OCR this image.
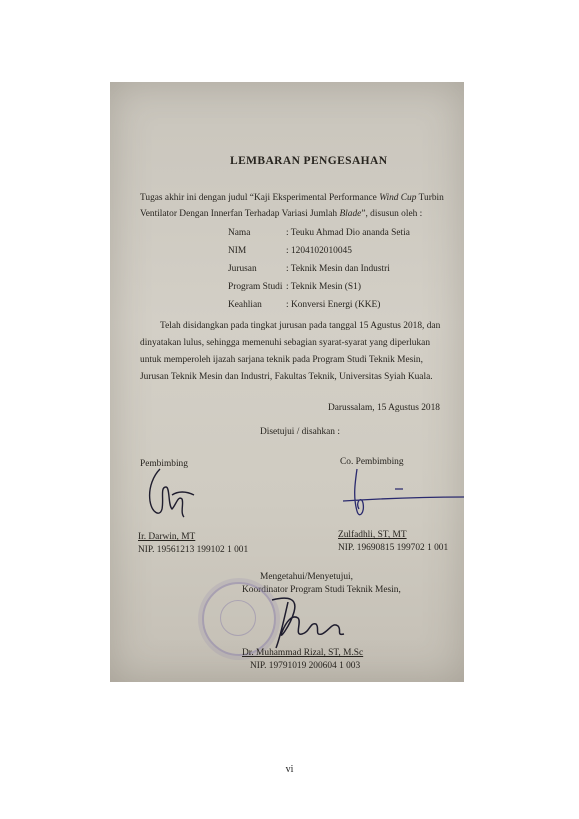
LEMBARAN PENGESAHAN
Tugas akhir ini dengan judul “Kaji Eksperimental Performance Wind Cup Turbin
Ventilator Dengan Innerfan Terhadap Variasi Jumlah Blade”, disusun oleh :
Nama	: Teuku Ahmad Dio ananda Setia
NIM	: 1204102010045
Jurusan	: Teknik Mesin dan Industri
Program Studi : Teknik Mesin (S1)
Keahlian	: Konversi Energi (KKE)
Telah disidangkan pada tingkat jurusan pada tanggal 15 Agustus 2018, dan
dinyatakan lulus, sehingga memenuhi sebagian syarat-syarat yang diperlukan
untuk memperoleh ijazah sarjana teknik pada Program Studi Teknik Mesin,
Jurusan Teknik Mesin dan Industri, Fakultas Teknik, Universitas Syiah Kuala.
Darussalam, 15 Agustus 2018
Disetujui / disahkan :
Pembimbing	Co. Pembimbing
Ir. Darwin, MT
NIP. 19561213 199102 1 001
Zulfadhli, ST, MT
NIP. 19690815 199702 1 001
Mengetahui/Menyetujui,
Koordinator Program Studi Teknik Mesin,
Dr. Muhammad Rizal, ST, M.Sc
NIP. 19791019 200604 1 003
vi
